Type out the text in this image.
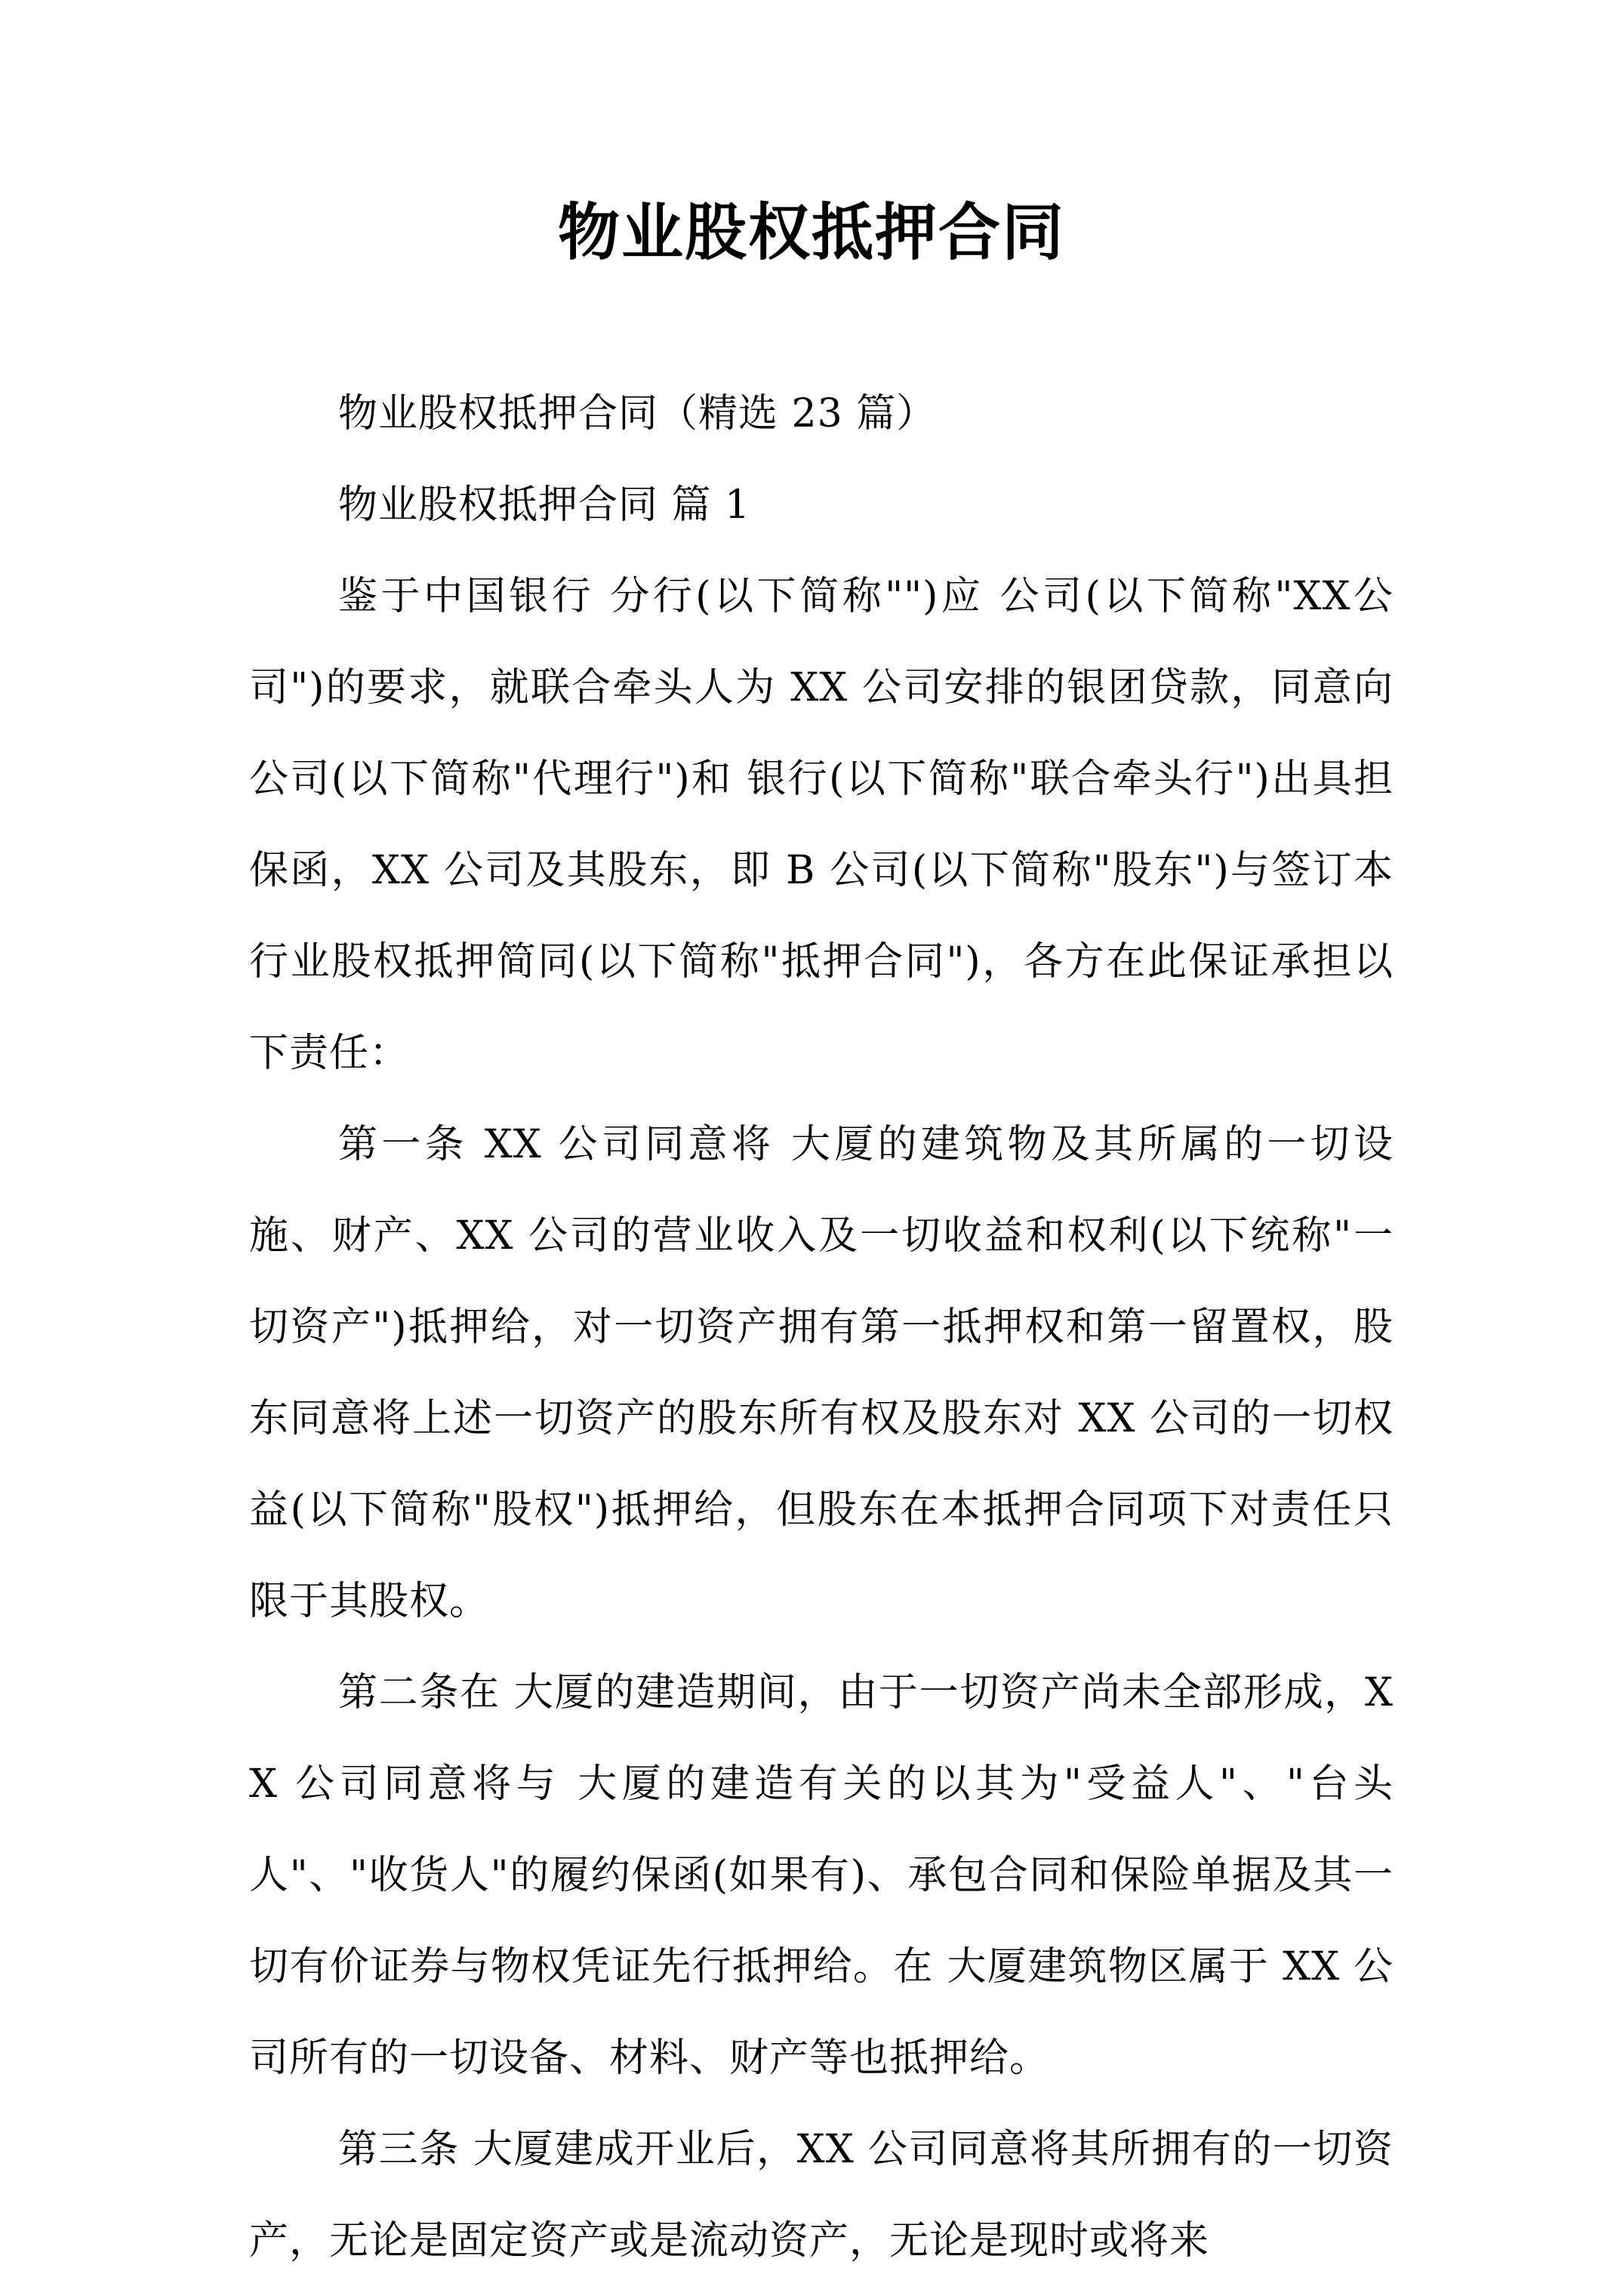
物业股权抵押合同

物业股权抵押合同（精选 23 篇）

物业股权抵押合同 篇 1

鉴于中国银行 分行(以下简称"")应 公司(以下简称"XX公司")的要求，就联合牵头人为 XX 公司安排的银团贷款，同意向 公司(以下简称"代理行")和 银行(以下简称"联合牵头行")出具担保函，XX 公司及其股东，即 B 公司(以下简称"股东")与签订本行业股权抵押简同(以下简称"抵押合同")，各方在此保证承担以下责任：

第一条 XX 公司同意将 大厦的建筑物及其所属的一切设施、财产、XX 公司的营业收入及一切收益和权利(以下统称"一切资产")抵押给，对一切资产拥有第一抵押权和第一留置权，股东同意将上述一切资产的股东所有权及股东对 XX 公司的一切权益(以下简称"股权")抵押给，但股东在本抵押合同项下对责任只限于其股权。

第二条在 大厦的建造期间，由于一切资产尚未全部形成，XX 公司同意将与 大厦的建造有关的以其为"受益人"、"台头人"、"收货人"的履约保函(如果有)、承包合同和保险单据及其一切有价证券与物权凭证先行抵押给。在 大厦建筑物区属于 XX 公司所有的一切设备、材料、财产等也抵押给。

第三条 大厦建成开业后，XX 公司同意将其所拥有的一切资产，无论是固定资产或是流动资产，无论是现时或将来
